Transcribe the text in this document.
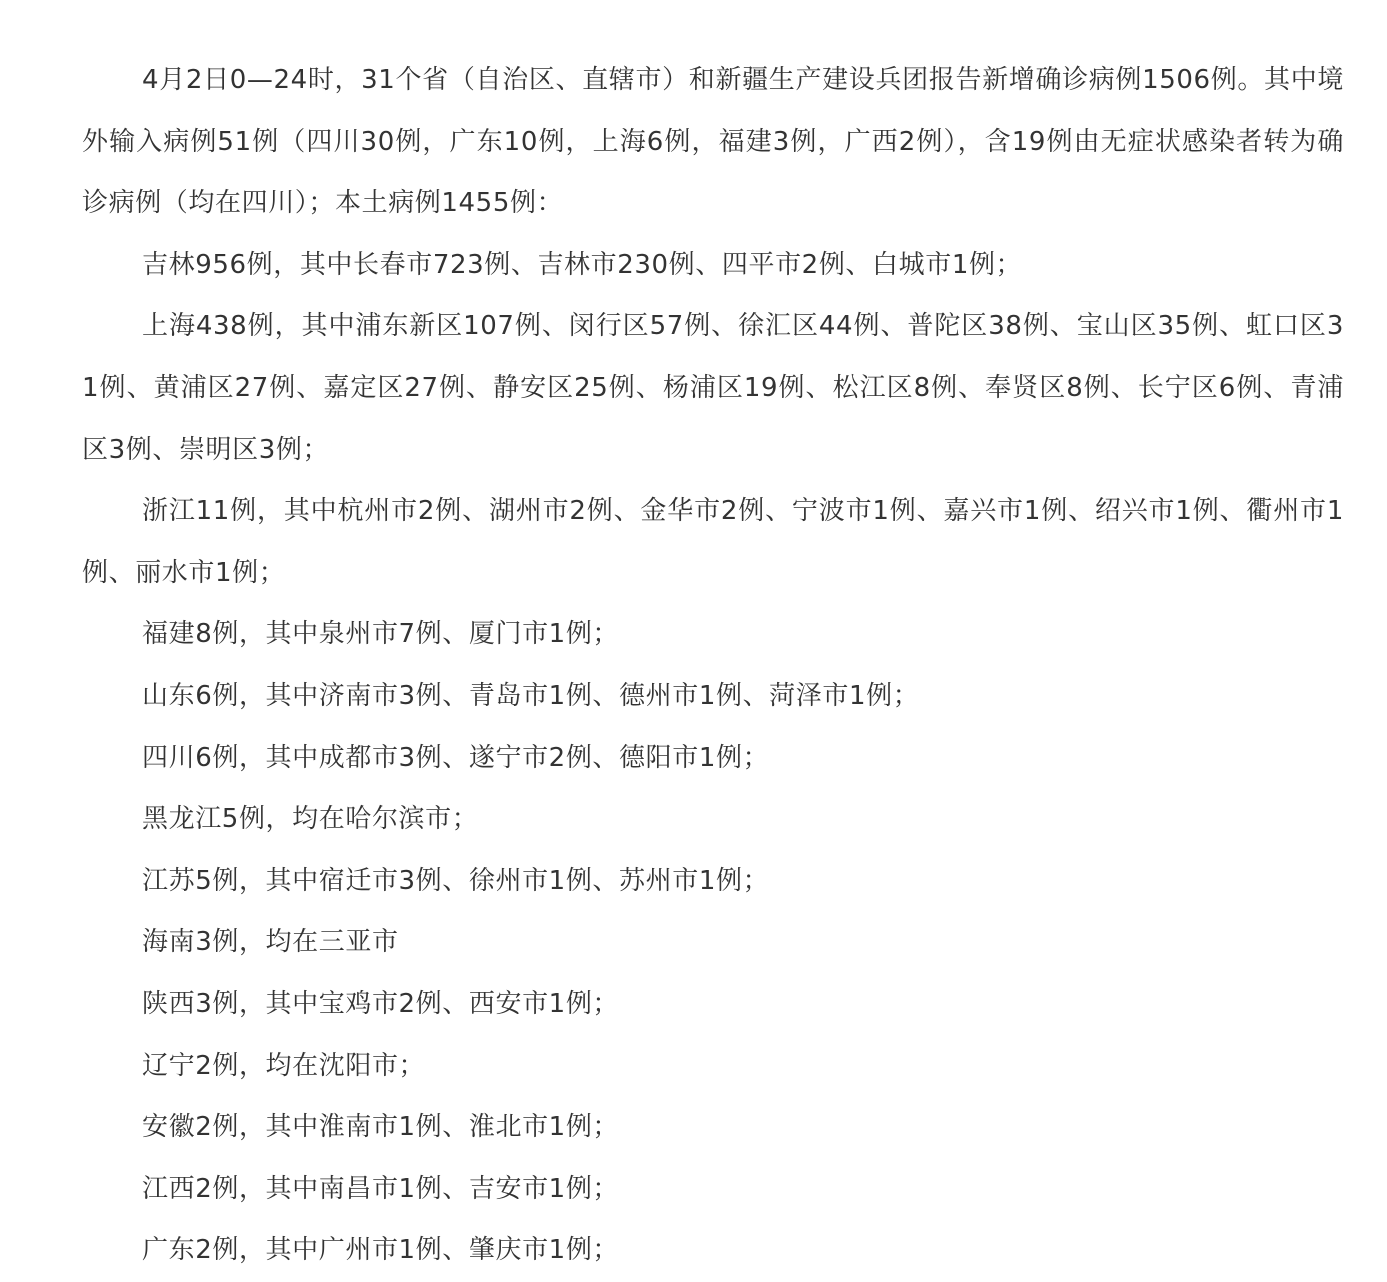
4月2日0—24时，31个省（自治区、直辖市）和新疆生产建设兵团报告新增确诊病例1506例。其中境外输入病例51例（四川30例，广东10例，上海6例，福建3例，广西2例），含19例由无症状感染者转为确诊病例（均在四川）；本土病例1455例：

吉林956例，其中长春市723例、吉林市230例、四平市2例、白城市1例；

上海438例，其中浦东新区107例、闵行区57例、徐汇区44例、普陀区38例、宝山区35例、虹口区31例、黄浦区27例、嘉定区27例、静安区25例、杨浦区19例、松江区8例、奉贤区8例、长宁区6例、青浦区3例、崇明区3例；

浙江11例，其中杭州市2例、湖州市2例、金华市2例、宁波市1例、嘉兴市1例、绍兴市1例、衢州市1例、丽水市1例；

福建8例，其中泉州市7例、厦门市1例；

山东6例，其中济南市3例、青岛市1例、德州市1例、菏泽市1例；

四川6例，其中成都市3例、遂宁市2例、德阳市1例；

黑龙江5例，均在哈尔滨市；

江苏5例，其中宿迁市3例、徐州市1例、苏州市1例；

海南3例，均在三亚市

陕西3例，其中宝鸡市2例、西安市1例；

辽宁2例，均在沈阳市；

安徽2例，其中淮南市1例、淮北市1例；

江西2例，其中南昌市1例、吉安市1例；

广东2例，其中广州市1例、肇庆市1例；
